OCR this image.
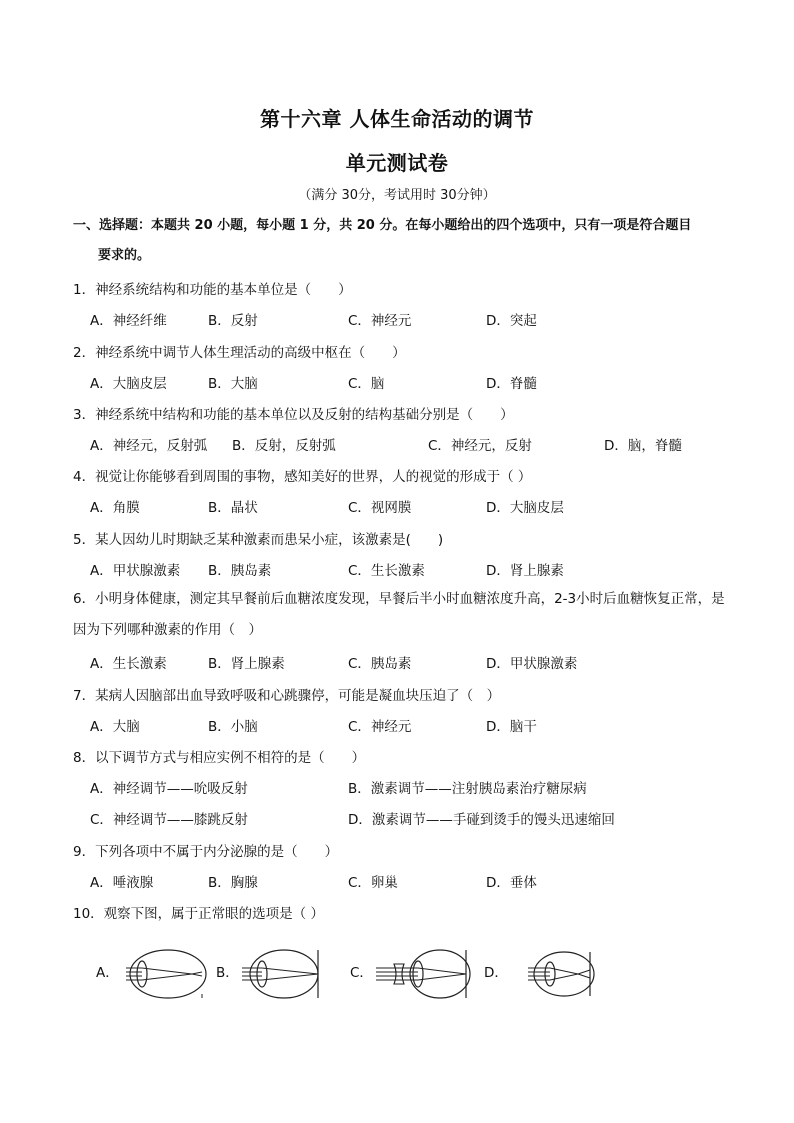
第十六章 人体生命活动的调节
单元测试卷
（满分 30分，考试用时 30分钟）
一、选择题：本题共 20 小题，每小题 1 分，共 20 分。在每小题给出的四个选项中，只有一项是符合题目
要求的。
1．神经系统结构和功能的基本单位是（　　）
A．神经纤维	B．反射	C．神经元	D．突起
2．神经系统中调节人体生理活动的高级中枢在（　　）
A．大脑皮层	B．大脑	C．脑	D．脊髓
3．神经系统中结构和功能的基本单位以及反射的结构基础分别是（　　）
A．神经元，反射弧 B．反射，反射弧	C．神经元，反射	D．脑，脊髓
4．视觉让你能够看到周围的事物，感知美好的世界，人的视觉的形成于（ ）
A．角膜	B．晶状	C．视网膜	D．大脑皮层
5．某人因幼儿时期缺乏某种激素而患呆小症，该激素是(　　)
A．甲状腺激素 B．胰岛素	C．生长激素	D．肾上腺素
6．小明身体健康，测定其早餐前后血糖浓度发现，早餐后半小时血糖浓度升高，2-3小时后血糖恢复正常，是因为下列哪种激素的作用（　）
A．生长激素	B．肾上腺素	C．胰岛素	D．甲状腺激素
7．某病人因脑部出血导致呼吸和心跳骤停，可能是凝血块压迫了（　）
A．大脑	B．小脑	C．神经元	D．脑干
8．以下调节方式与相应实例不相符的是（　　）
A．神经调节——吮吸反射	B．激素调节——注射胰岛素治疗糖尿病
C．神经调节——膝跳反射	D．激素调节——手碰到烫手的馒头迅速缩回
9．下列各项中不属于内分泌腺的是（　　）
A．唾液腺	B．胸腺	C．卵巢	D．垂体
10．观察下图，属于正常眼的选项是（ ）
A．	B．	C．	D．
